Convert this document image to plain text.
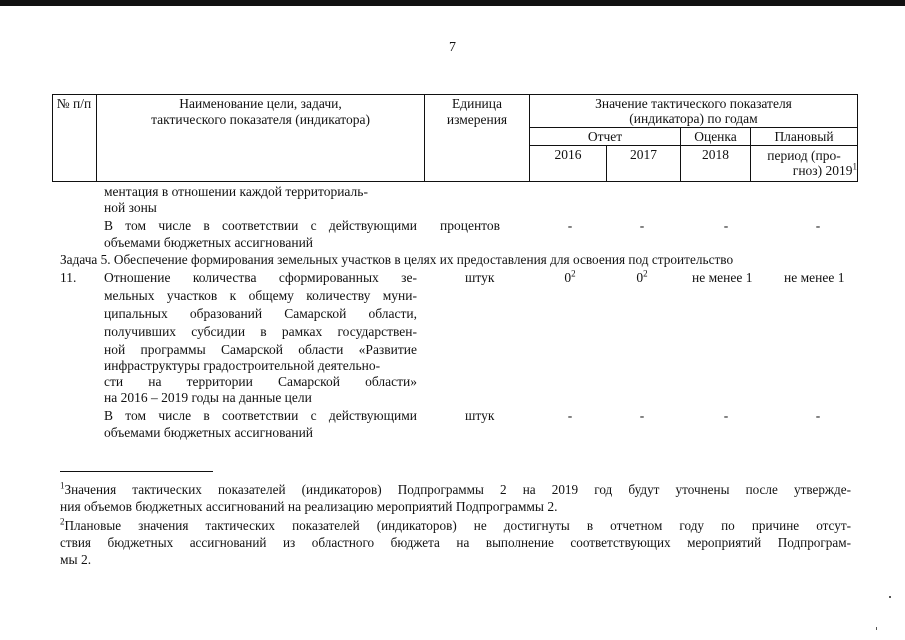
7
№ п/п	Наименование цели, задачи,
тактического показателя (индикатора)
Единица
измерения
Значение тактического показателя
(индикатора) по годам
Отчет	Оценка	Плановый
2016	2017	2018	период (про-
гноз) 2019$^1$
ментация в отношении каждой территориаль-
ной зоны
В том числе в соответствии с действующими
объемами бюджетных ассигнований
процентов	-	-	-	-
Задача 5. Обеспечение формирования земельных участков в целях их предоставления для освоения под строительство
11. Отношение количества сформированных зе-
мельных участков к общему количеству муни-
ципальных образований Самарской области,
получивших субсидии в рамках государствен-
ной программы Самарской области «Развитие
инфраструктуры градостроительной деятельно-
сти на территории Самарской области»
на 2016 – 2019 годы на данные цели
штук	$0^2$	$0^2$	не менее 1 не менее 1
В том числе в соответствии с действующими
объемами бюджетных ассигнований
штук	-	-	-	-
$^1$Значения тактических показателей (индикаторов) Подпрограммы 2 на 2019 год будут уточнены после утвержде-
ния объемов бюджетных ассигнований на реализацию мероприятий Подпрограммы 2.
$^2$Плановые значения тактических показателей (индикаторов) не достигнуты в отчетном году по причине отсут-
ствия бюджетных ассигнований из областного бюджета на выполнение соответствующих мероприятий Подпрограм-
мы 2.
